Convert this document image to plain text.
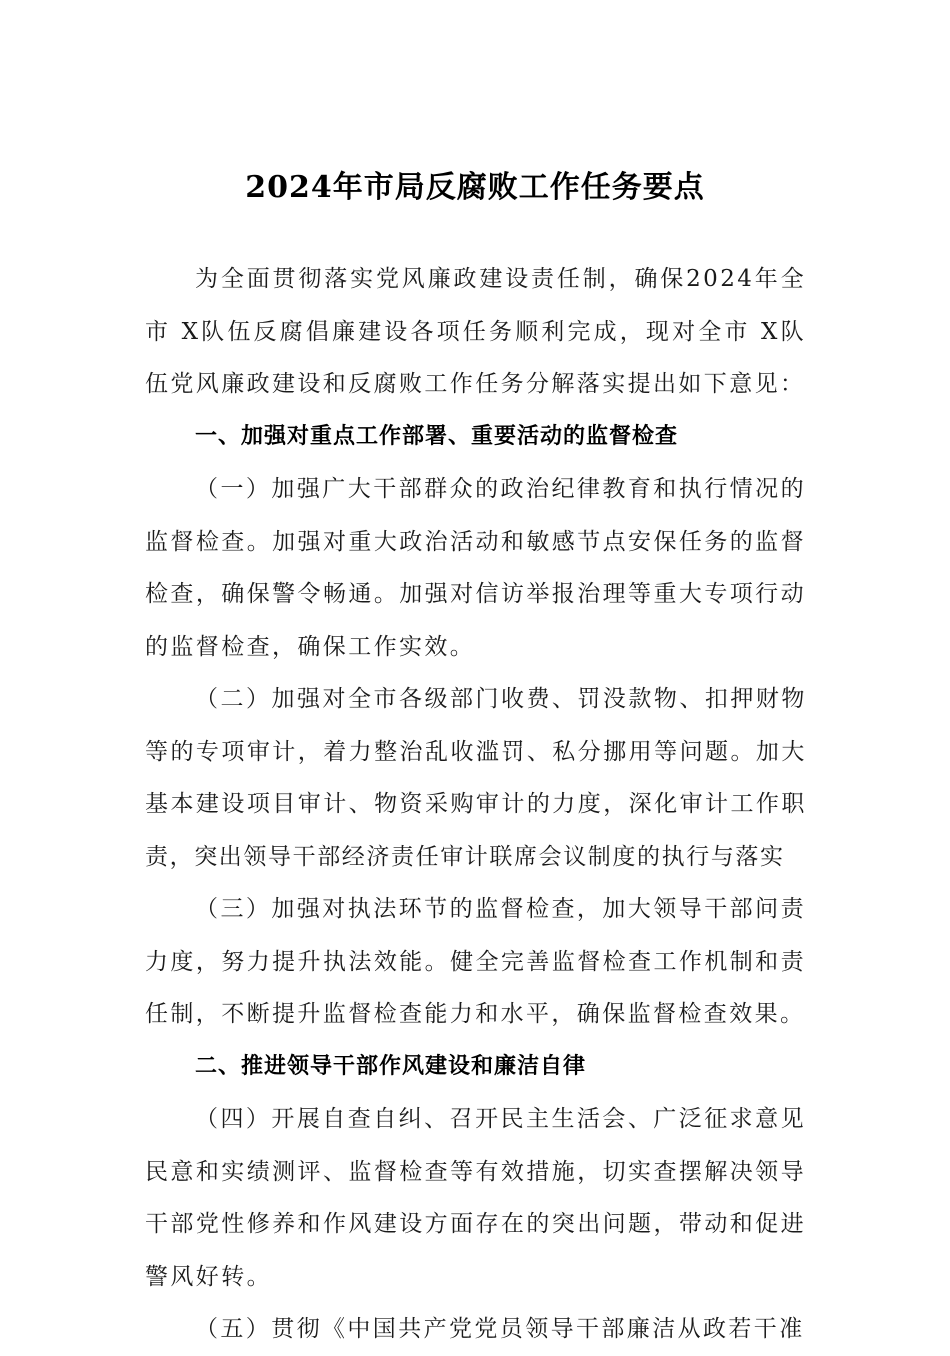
2024年市局反腐败工作任务要点

为全面贯彻落实党风廉政建设责任制，确保2024年全市 X队伍反腐倡廉建设各项任务顺利完成，现对全市 X队伍党风廉政建设和反腐败工作任务分解落实提出如下意见：

一、加强对重点工作部署、重要活动的监督检查

（一）加强广大干部群众的政治纪律教育和执行情况的监督检查。加强对重大政治活动和敏感节点安保任务的监督检查，确保警令畅通。加强对信访举报治理等重大专项行动的监督检查，确保工作实效。

（二）加强对全市各级部门收费、罚没款物、扣押财物等的专项审计，着力整治乱收滥罚、私分挪用等问题。加大基本建设项目审计、物资采购审计的力度，深化审计工作职责，突出领导干部经济责任审计联席会议制度的执行与落实

（三）加强对执法环节的监督检查，加大领导干部问责力度，努力提升执法效能。健全完善监督检查工作机制和责任制，不断提升监督检查能力和水平，确保监督检查效果。

二、推进领导干部作风建设和廉洁自律

（四）开展自查自纠、召开民主生活会、广泛征求意见民意和实绩测评、监督检查等有效措施，切实查摆解决领导干部党性修养和作风建设方面存在的突出问题，带动和促进警风好转。

（五）贯彻《中国共产党党员领导干部廉洁从政若干准
